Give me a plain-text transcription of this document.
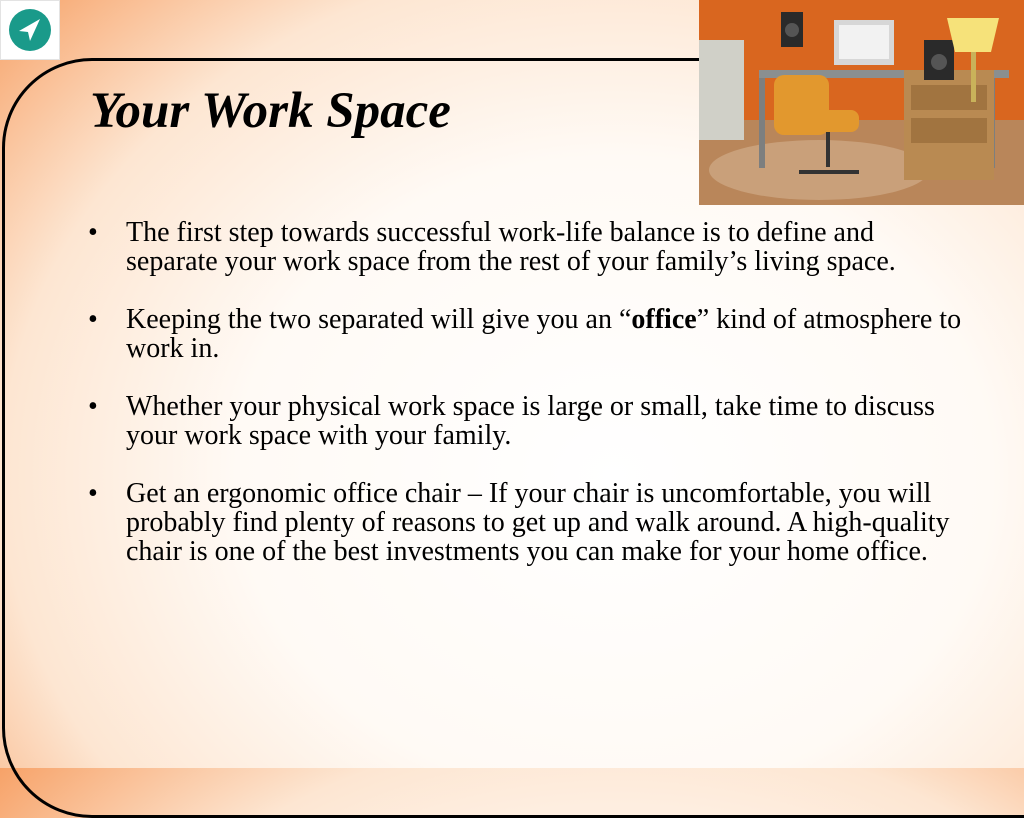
Your Work Space
• The first step towards successful work-life balance is to define and separate your work space from the rest of your family’s living space.
• Keeping the two separated will give you an “office” kind of atmosphere to work in.
• Whether your physical work space is large or small, take time to discuss your work space with your family.
• Get an ergonomic office chair – If your chair is uncomfortable, you will probably find plenty of reasons to get up and walk around. A high-quality chair is one of the best investments you can make for your home office.
